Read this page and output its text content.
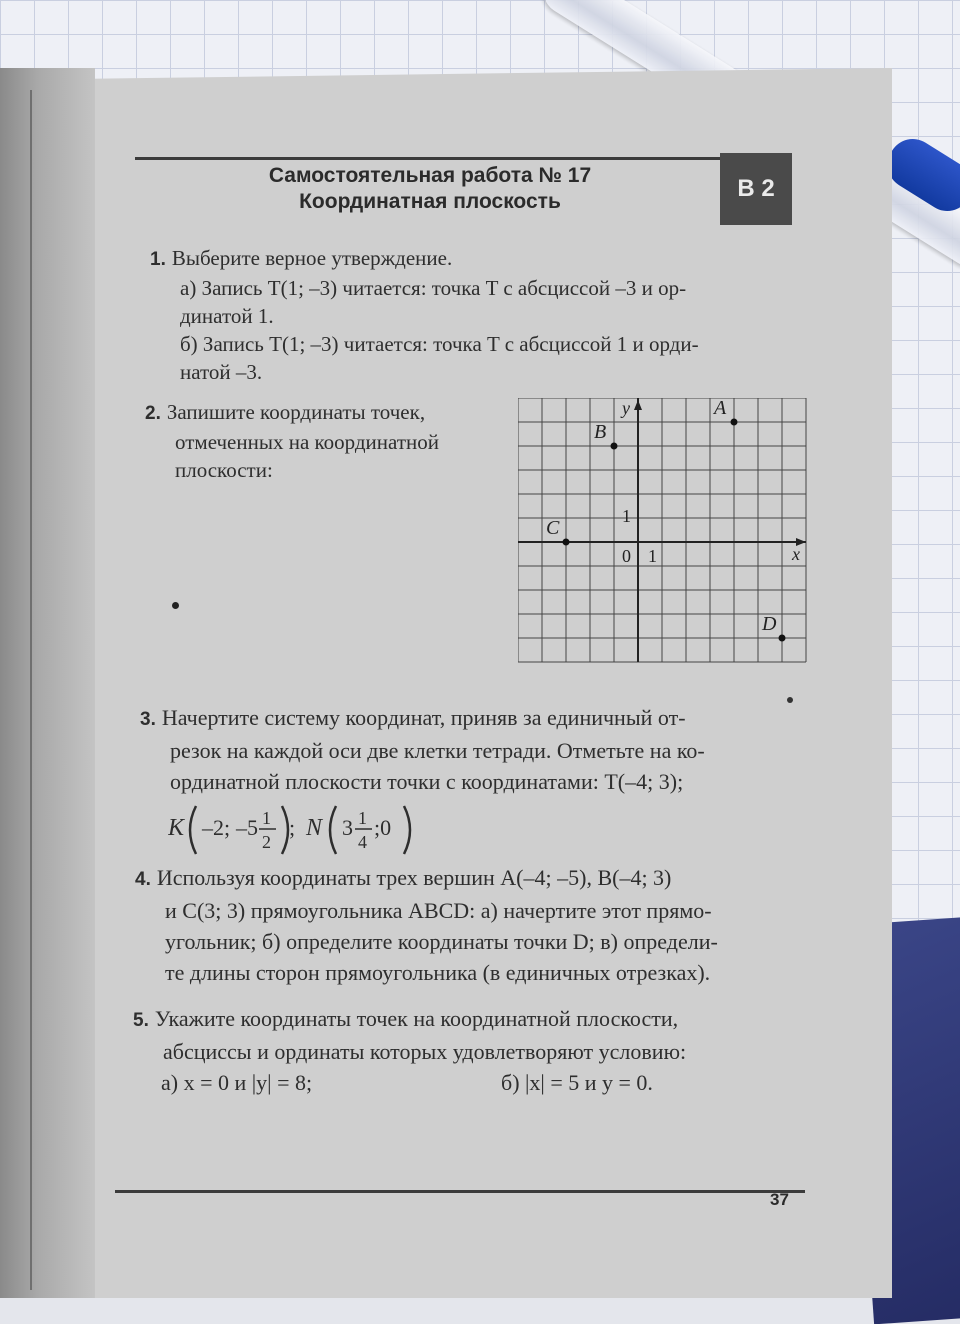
Самостоятельная работа № 17
Координатная плоскость	В 2
1. Выберите верное утверждение.
а) Запись T(1; –3) читается: точка T с абсциссой –3 и ор-
динатой 1.
б) Запись T(1; –3) читается: точка T с абсциссой 1 и орди-
натой –3.
2. Запишите координаты точек,
отмеченных на координатной
плоскости:
x
y
0 1
1
A
B
C
D
3. Начертите систему координат, приняв за единичный от-
резок на каждой оси две клетки тетради. Отметьте на ко-
ординатной плоскости точки с координатами: T(–4; 3);
K –2; –5 1
2
; N 3 1
4
;0
4. Используя координаты трех вершин A(–4; –5), B(–4; 3)
и C(3; 3) прямоугольника ABCD: а) начертите этот прямо-
угольник; б) определите координаты точки D; в) определи-
те длины сторон прямоугольника (в единичных отрезках).
5. Укажите координаты точек на координатной плоскости,
абсциссы и ординаты которых удовлетворяют условию:
а) x = 0 и |y| = 8;	б) |x| = 5 и y = 0.
37
